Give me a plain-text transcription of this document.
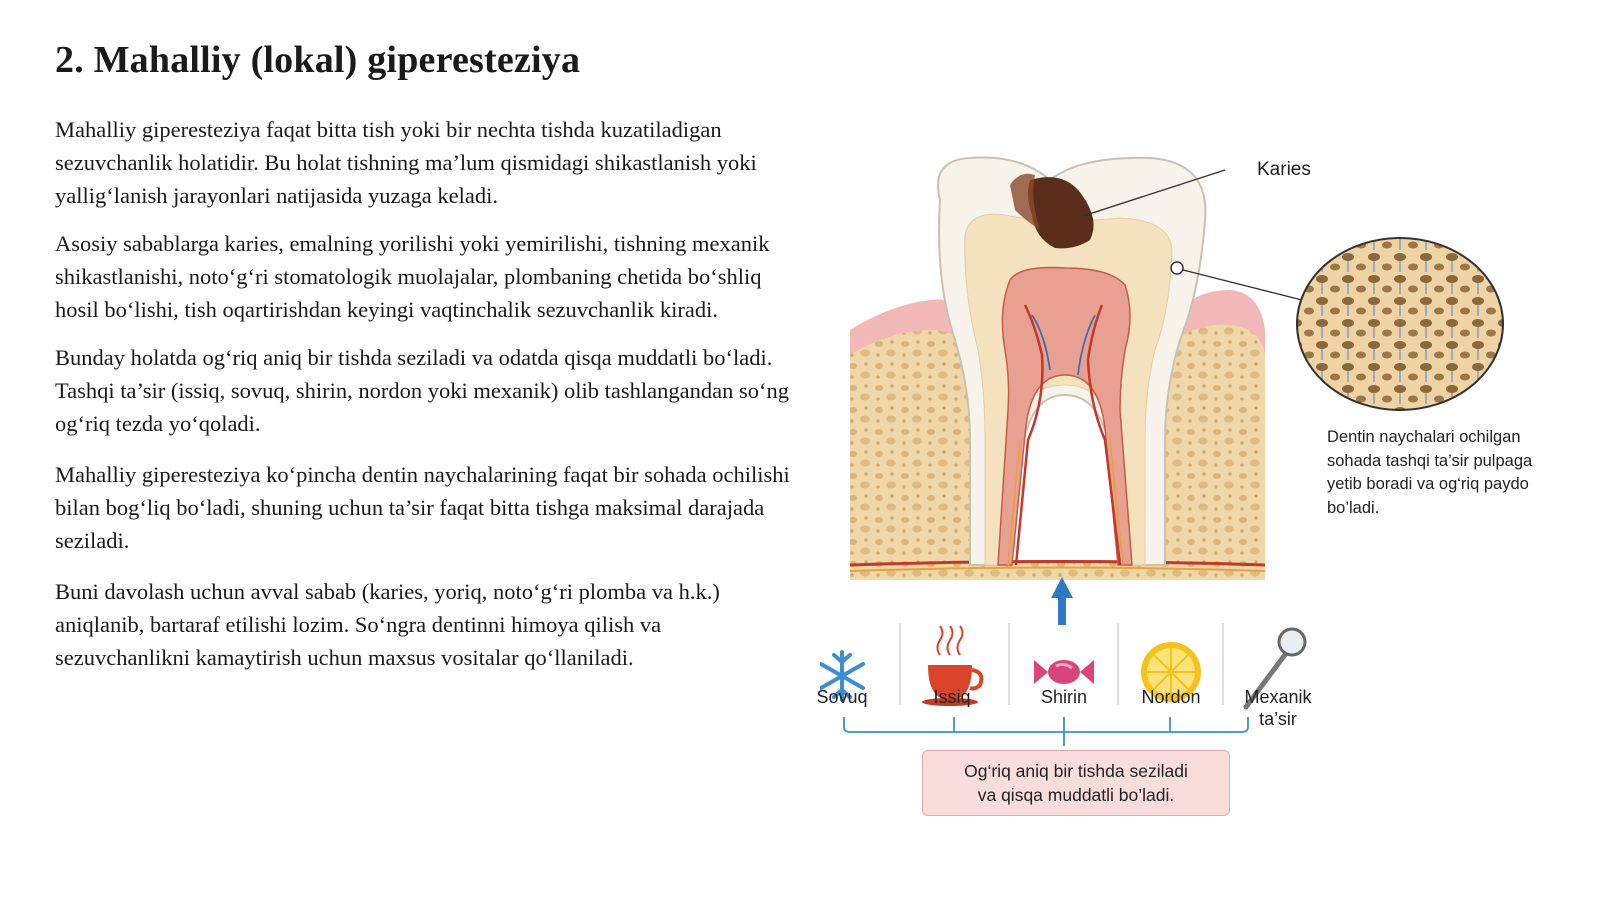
2. Mahalliy (lokal) giperesteziya

Mahalliy giperesteziya faqat bitta tish yoki bir nechta tishda kuzatiladigan sezuvchanlik holatidir. Bu holat tishning ma’lum qismidagi shikastlanish yoki yallig‘lanish jarayonlari natijasida yuzaga keladi.

Asosiy sabablarga karies, emalning yorilishi yoki yemirilishi, tishning mexanik shikastlanishi, noto‘g‘ri stomatologik muolajalar, plombaning chetida bo‘shliq hosil bo‘lishi, tish oqartirishdan keyingi vaqtinchalik sezuvchanlik kiradi.

Bunday holatda og‘riq aniq bir tishda seziladi va odatda qisqa muddatli bo‘ladi. Tashqi ta’sir (issiq, sovuq, shirin, nordon yoki mexanik) olib tashlangandan so‘ng og‘riq tezda yo‘qoladi.

Mahalliy giperesteziya ko‘pincha dentin naychalarining faqat bir sohada ochilishi bilan bog‘liq bo‘ladi, shuning uchun ta’sir faqat bitta tishga maksimal darajada seziladi.

Buni davolash uchun avval sabab (karies, yoriq, noto‘g‘ri plomba va h.k.) aniqlanib, bartaraf etilishi lozim. So‘ngra dentinni himoya qilish va sezuvchanlikni kamaytirish uchun maxsus vositalar qo‘llaniladi.

Karies
Dentin naychalari ochilgan sohada tashqi ta’sir pulpaga yetib boradi va og‘riq paydo bo’ladi.
Sovuq	Issiq	Shirin	Nordon	Mexanik ta’sir
Og‘riq aniq bir tishda seziladi
va qisqa muddatli bo’ladi.
